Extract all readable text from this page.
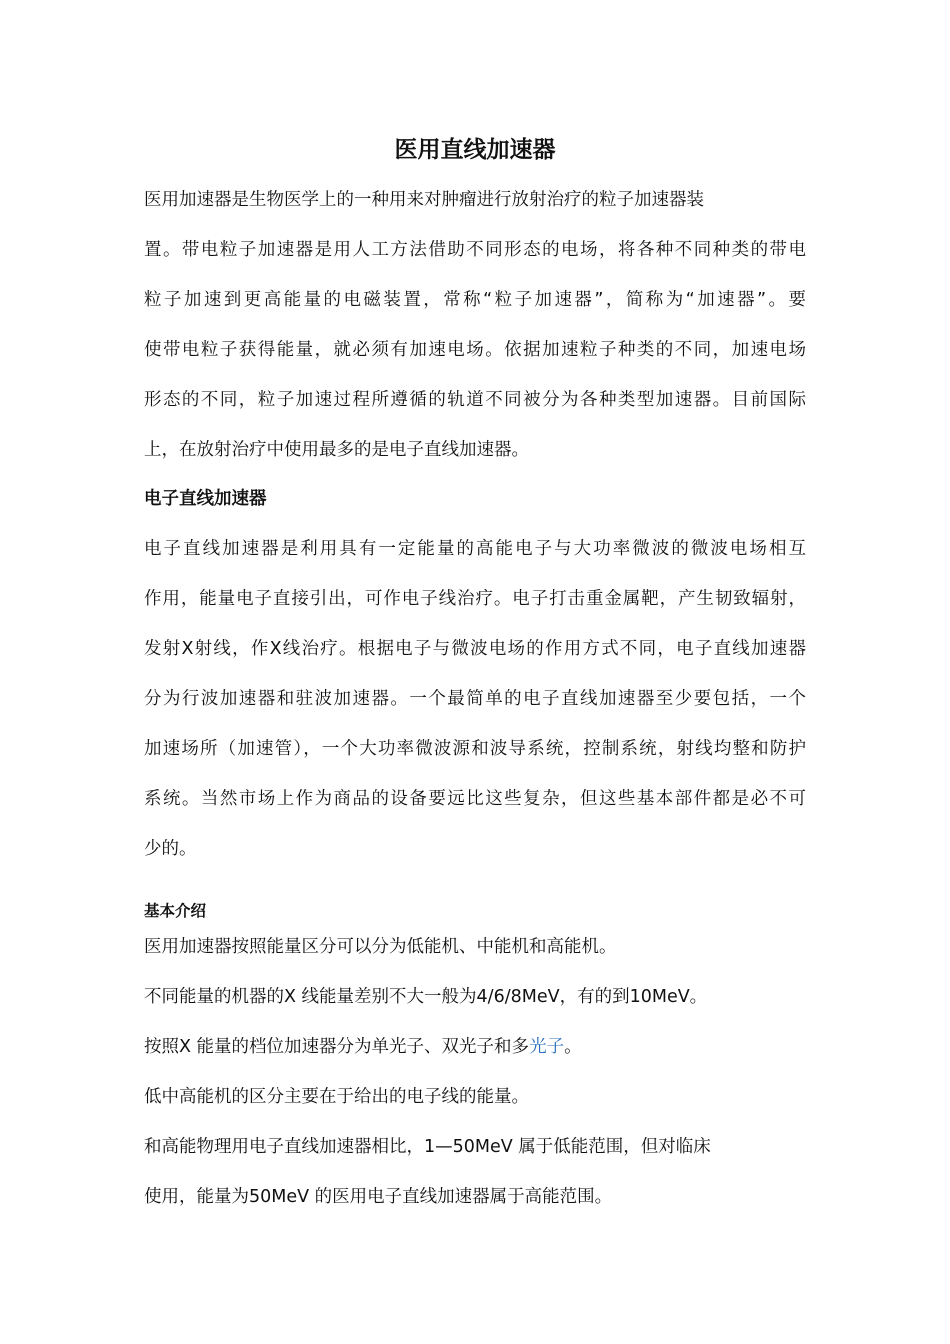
医用直线加速器

医用加速器是生物医学上的一种用来对肿瘤进行放射治疗的粒子加速器装

置。带电粒子加速器是用人工方法借助不同形态的电场，将各种不同种类的带电

粒子加速到更高能量的电磁装置，常称“粒子加速器”，简称为“加速器”。要

使带电粒子获得能量，就必须有加速电场。依据加速粒子种类的不同，加速电场

形态的不同，粒子加速过程所遵循的轨道不同被分为各种类型加速器。目前国际

上，在放射治疗中使用最多的是电子直线加速器。

电子直线加速器

电子直线加速器是利用具有一定能量的高能电子与大功率微波的微波电场相互

作用，能量电子直接引出，可作电子线治疗。电子打击重金属靶，产生韧致辐射，

发射X射线，作X线治疗。根据电子与微波电场的作用方式不同，电子直线加速器

分为行波加速器和驻波加速器。一个最简单的电子直线加速器至少要包括，一个

加速场所（加速管），一个大功率微波源和波导系统，控制系统，射线均整和防护

系统。当然市场上作为商品的设备要远比这些复杂，但这些基本部件都是必不可

少的。

基本介绍

医用加速器按照能量区分可以分为低能机、中能机和高能机。

不同能量的机器的X 线能量差别不大一般为4/6/8MeV，有的到10MeV。

按照X 能量的档位加速器分为单光子、双光子和多光子。

低中高能机的区分主要在于给出的电子线的能量。

和高能物理用电子直线加速器相比，1—50MeV 属于低能范围，但对临床

使用，能量为50MeV 的医用电子直线加速器属于高能范围。
